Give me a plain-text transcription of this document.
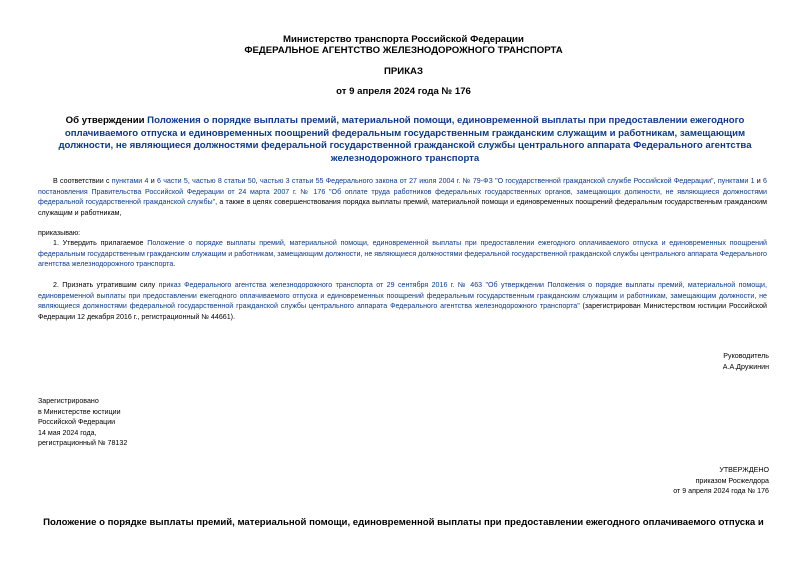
Министерство транспорта Российской Федерации
ФЕДЕРАЛЬНОЕ АГЕНТСТВО ЖЕЛЕЗНОДОРОЖНОГО ТРАНСПОРТА
ПРИКАЗ
от 9 апреля 2024 года № 176
Об утверждении Положения о порядке выплаты премий, материальной помощи, единовременной выплаты при предоставлении ежегодного оплачиваемого отпуска и единовременных поощрений федеральным государственным гражданским служащим и работникам, замещающим должности, не являющиеся должностями федеральной государственной гражданской службы центрального аппарата Федерального агентства железнодорожного транспорта
В соответствии с пунктами 4 и 6 части 5, частью 8 статьи 50, частью 3 статьи 55 Федерального закона от 27 июля 2004 г. № 79-ФЗ "О государственной гражданской службе Российской Федерации", пунктами 1 и 6 постановления Правительства Российской Федерации от 24 марта 2007 г. № 176 "Об оплате труда работников федеральных государственных органов, замещающих должности, не являющиеся должностями федеральной государственной гражданской службы", а также в целях совершенствования порядка выплаты премий, материальной помощи и единовременных поощрений федеральным государственным гражданским служащим и работникам,
приказываю:
1. Утвердить прилагаемое Положение о порядке выплаты премий, материальной помощи, единовременной выплаты при предоставлении ежегодного оплачиваемого отпуска и единовременных поощрений федеральным государственным гражданским служащим и работникам, замещающим должности, не являющиеся должностями федеральной государственной гражданской службы центрального аппарата Федерального агентства железнодорожного транспорта.
2. Признать утратившим силу приказ Федерального агентства железнодорожного транспорта от 29 сентября 2016 г. № 463 "Об утверждении Положения о порядке выплаты премий, материальной помощи, единовременной выплаты при предоставлении ежегодного оплачиваемого отпуска и единовременных поощрений федеральным государственным гражданским служащим и работникам, замещающим должности, не являющиеся должностями федеральной государственной гражданской службы центрального аппарата Федерального агентства железнодорожного транспорта" (зарегистрирован Министерством юстиции Российской Федерации 12 декабря 2016 г., регистрационный № 44661).
Руководитель
А.А.Дружинин
Зарегистрировано
в Министерстве юстиции
Российской Федерации
14 мая 2024 года,
регистрационный № 78132
УТВЕРЖДЕНО
приказом Росжелдора
от 9 апреля 2024 года № 176
Положение о порядке выплаты премий, материальной помощи, единовременной выплаты при предоставлении ежегодного оплачиваемого отпуска и
